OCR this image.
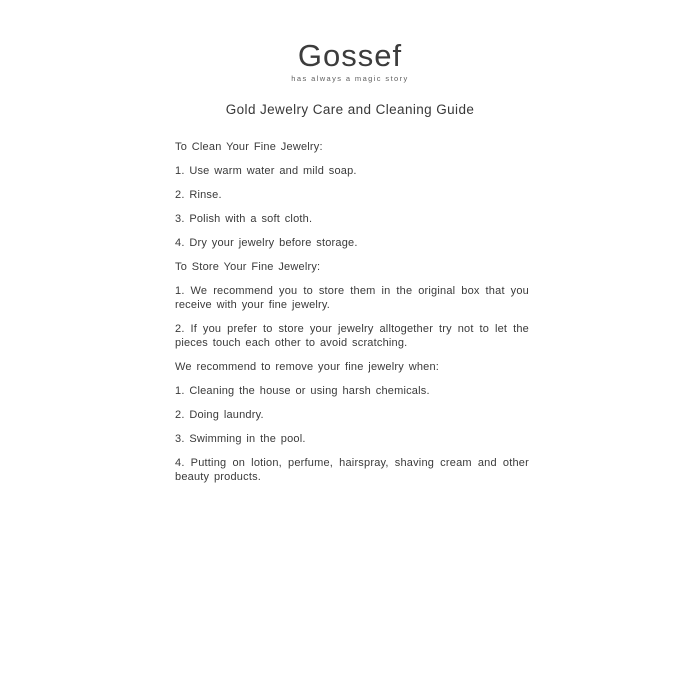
Gossef
has always a magic story
Gold Jewelry Care and Cleaning Guide

To Clean Your Fine Jewelry:

1. Use warm water and mild soap.

2. Rinse.

3. Polish with a soft cloth.

4. Dry your jewelry before storage.

To Store Your Fine Jewelry:

1. We recommend you to store them in the original box that you receive with your fine jewelry.

2. If you prefer to store your jewelry alltogether try not to let the pieces touch each other to avoid scratching.

We recommend to remove your fine jewelry when:

1. Cleaning the house or using harsh chemicals.

2. Doing laundry.

3. Swimming in the pool.

4. Putting on lotion, perfume, hairspray, shaving cream and other beauty products.
